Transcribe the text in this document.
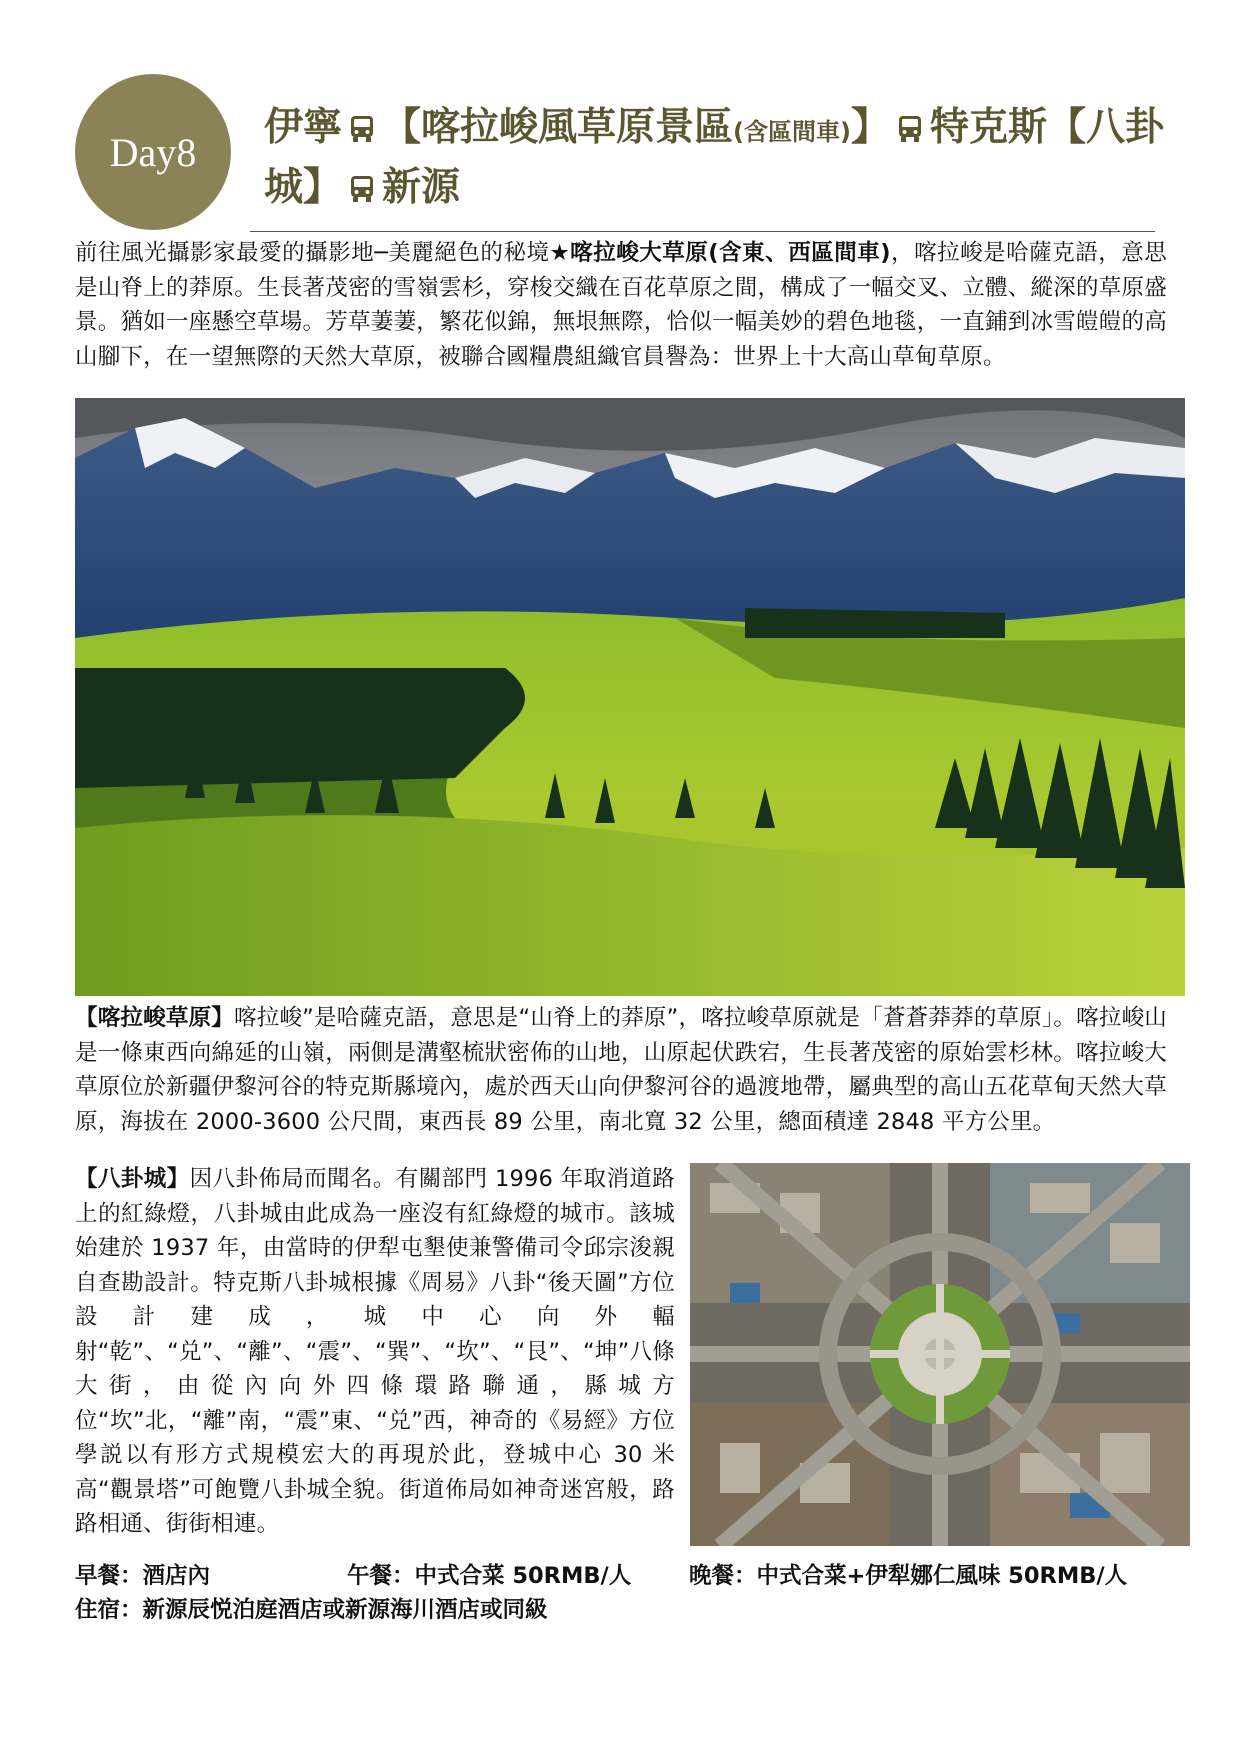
Day8
伊寧 【喀拉峻風草原景區(含區間車)】 特克斯【八卦城】 新源
前往風光攝影家最愛的攝影地─美麗絕色的秘境★喀拉峻大草原(含東、西區間車)，喀拉峻是哈薩克語，意思是山脊上的莽原。生長著茂密的雪嶺雲杉，穿梭交織在百花草原之間，構成了一幅交叉、立體、縱深的草原盛景。猶如一座懸空草場。芳草萋萋，繁花似錦，無垠無際，恰似一幅美妙的碧色地毯，一直鋪到冰雪皚皚的高山腳下，在一望無際的天然大草原，被聯合國糧農組織官員譽為：世界上十大高山草甸草原。
【喀拉峻草原】喀拉峻”是哈薩克語，意思是“山脊上的莽原”，喀拉峻草原就是「蒼蒼莽莽的草原」。喀拉峻山是一條東西向綿延的山嶺，兩側是溝壑梳狀密佈的山地，山原起伏跌宕，生長著茂密的原始雲杉林。喀拉峻大草原位於新疆伊黎河谷的特克斯縣境內，處於西天山向伊黎河谷的過渡地帶，屬典型的高山五花草甸天然大草原，海拔在 2000-3600 公尺間，東西長 89 公里，南北寬 32 公里，總面積達 2848 平方公里。
【八卦城】因八卦佈局而聞名。有關部門 1996 年取消道路上的紅綠燈，八卦城由此成為一座沒有紅綠燈的城市。該城始建於 1937 年，由當時的伊犁屯墾使兼警備司令邱宗浚親自查勘設計。特克斯八卦城根據《周易》八卦“後天圖”方位設計建成，城中心向外輻射“乾”、“兑”、“離”、“震”、“巽”、“坎”、“艮”、“坤”八條大街，由從內向外四條環路聯通，縣城方位“坎”北，“離”南，“震”東、“兑”西，神奇的《易經》方位學説以有形方式規模宏大的再現於此，登城中心 30 米高“觀景塔”可飽覽八卦城全貌。街道佈局如神奇迷宮般，路路相通、街街相連。
早餐：酒店內	午餐：中式合菜 50RMB/人	晚餐：中式合菜+伊犁娜仁風味 50RMB/人
住宿：新源辰悦泊庭酒店或新源海川酒店或同級
